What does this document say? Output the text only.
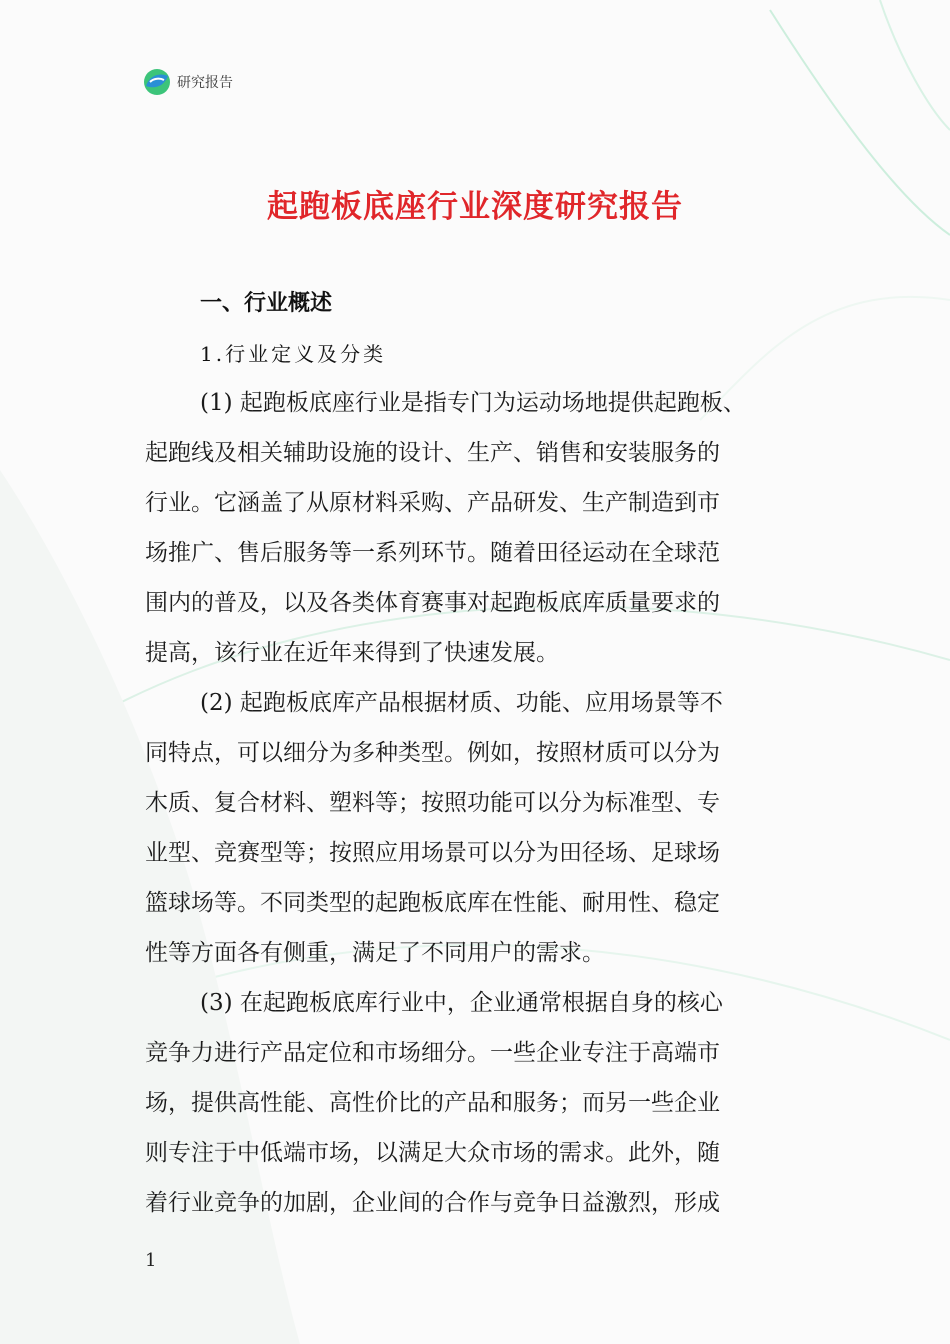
研究报告
起跑板底座行业深度研究报告
一、行业概述
1.行业定义及分类
(1) 起跑板底座行业是指专门为运动场地提供起跑板、
起跑线及相关辅助设施的设计、生产、销售和安装服务的
行业。它涵盖了从原材料采购、产品研发、生产制造到市
场推广、售后服务等一系列环节。随着田径运动在全球范
围内的普及，以及各类体育赛事对起跑板底库质量要求的
提高，该行业在近年来得到了快速发展。
(2) 起跑板底库产品根据材质、功能、应用场景等不
同特点，可以细分为多种类型。例如，按照材质可以分为
木质、复合材料、塑料等；按照功能可以分为标准型、专
业型、竞赛型等；按照应用场景可以分为田径场、足球场
篮球场等。不同类型的起跑板底库在性能、耐用性、稳定
性等方面各有侧重，满足了不同用户的需求。
(3) 在起跑板底库行业中，企业通常根据自身的核心
竞争力进行产品定位和市场细分。一些企业专注于高端市
场，提供高性能、高性价比的产品和服务；而另一些企业
则专注于中低端市场，以满足大众市场的需求。此外，随
着行业竞争的加剧，企业间的合作与竞争日益激烈，形成
1
